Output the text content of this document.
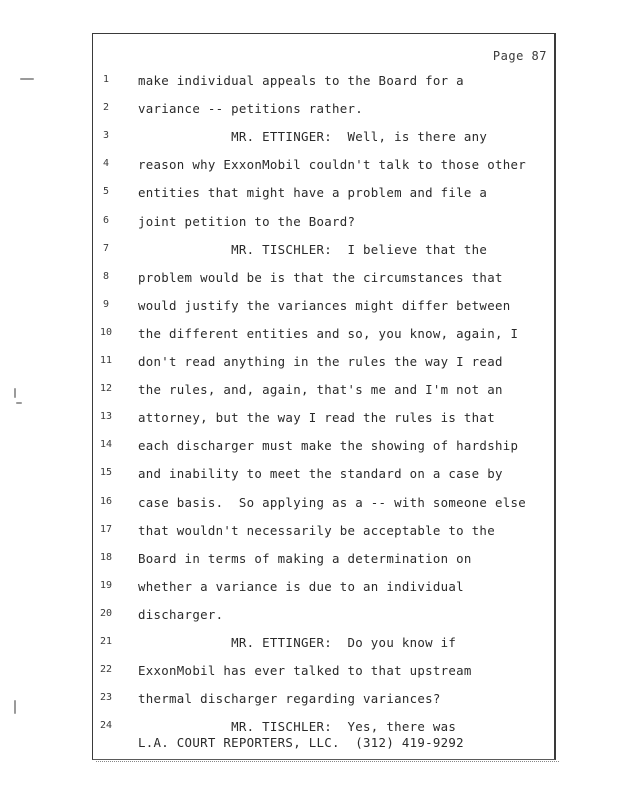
Page 87
1	make individual appeals to the Board for a
2	variance -- petitions rather.
3	MR. ETTINGER:  Well, is there any
4	reason why ExxonMobil couldn't talk to those other
5	entities that might have a problem and file a
6	joint petition to the Board?
7	MR. TISCHLER:  I believe that the
8	problem would be is that the circumstances that
9	would justify the variances might differ between
10	the different entities and so, you know, again, I
11	don't read anything in the rules the way I read
12	the rules, and, again, that's me and I'm not an
13	attorney, but the way I read the rules is that
14	each discharger must make the showing of hardship
15	and inability to meet the standard on a case by
16	case basis.  So applying as a -- with someone else
17	that wouldn't necessarily be acceptable to the
18	Board in terms of making a determination on
19	whether a variance is due to an individual
20	discharger.
21	MR. ETTINGER:  Do you know if
22	ExxonMobil has ever talked to that upstream
23	thermal discharger regarding variances?
24	MR. TISCHLER:  Yes, there was
L.A. COURT REPORTERS, LLC.  (312) 419-9292
